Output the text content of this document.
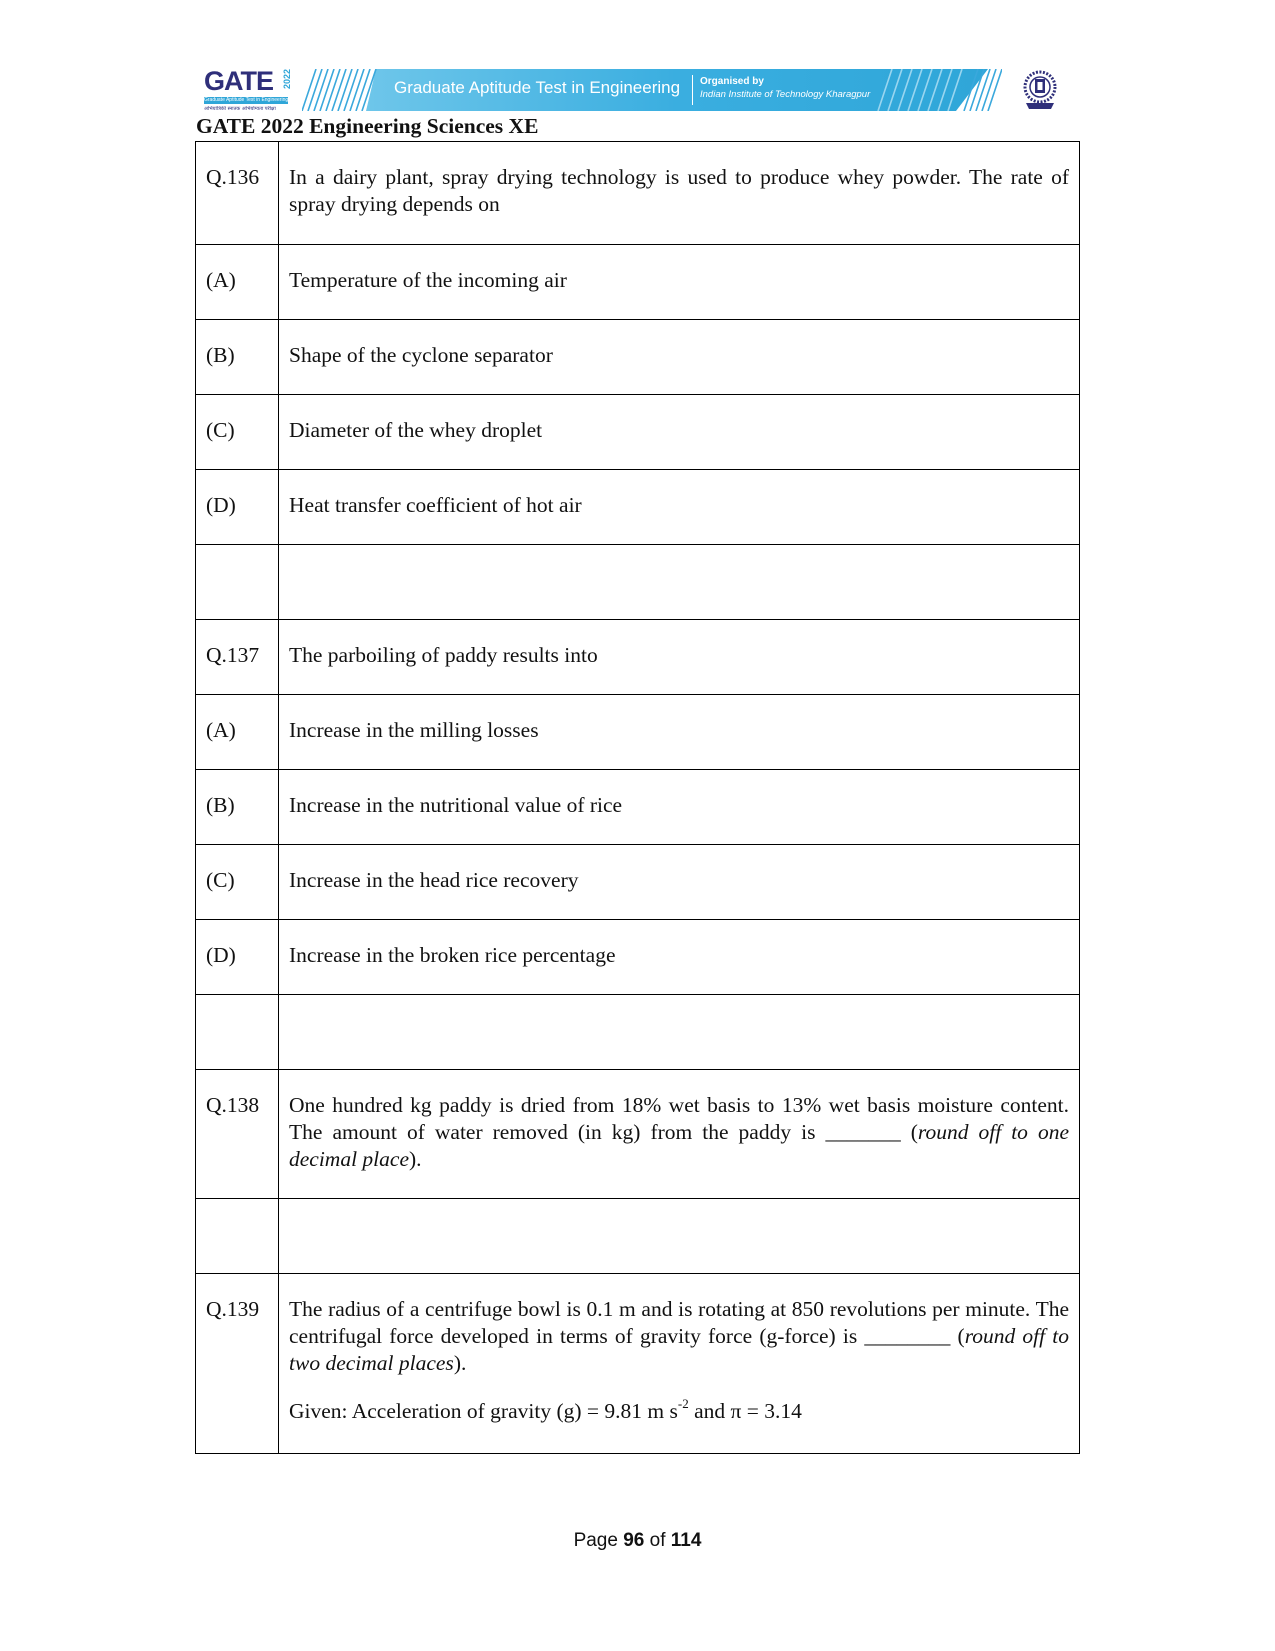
GATE 2022
Graduate Aptitude Test in Engineering
अभियांत्रिकी स्नातक अभियोग्यता परीक्षा
Graduate Aptitude Test in Engineering Organised by
Indian Institute of Technology Kharagpur
GATE 2022 Engineering Sciences XE
Q.136	In a dairy plant, spray drying technology is used to produce whey powder. The rate of spray drying depends on
(A)	Temperature of the incoming air
(B)	Shape of the cyclone separator
(C)	Diameter of the whey droplet
(D)	Heat transfer coefficient of hot air

Q.137	The parboiling of paddy results into
(A)	Increase in the milling losses
(B)	Increase in the nutritional value of rice
(C)	Increase in the head rice recovery
(D)	Increase in the broken rice percentage

Q.138	One hundred kg paddy is dried from 18% wet basis to 13% wet basis moisture content. The amount of water removed (in kg) from the paddy is _______ (round off to one decimal place).

Q.139	The radius of a centrifuge bowl is 0.1 m and is rotating at 850 revolutions per minute. The centrifugal force developed in terms of gravity force (g-force) is ________ (round off to two decimal places).
Given: Acceleration of gravity (g) = 9.81 m $s^{-2}$ and π = 3.14
Page 96 of 114
